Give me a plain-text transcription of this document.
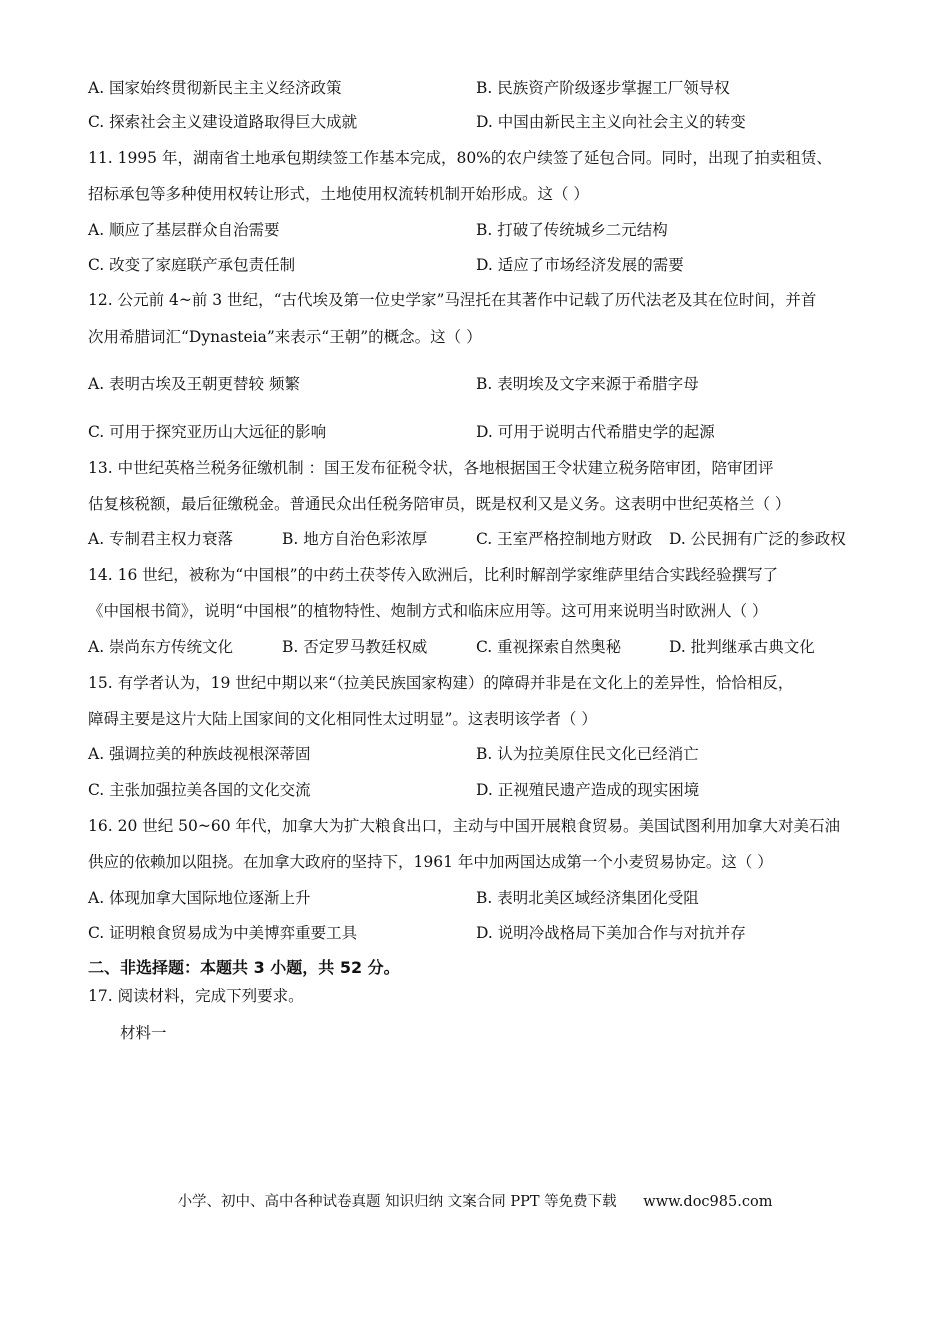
A. 国家始终贯彻新民主主义经济政策	B. 民族资产阶级逐步掌握工厂领导权
C. 探索社会主义建设道路取得巨大成就	D. 中国由新民主主义向社会主义的转变
11. 1995 年，湖南省土地承包期续签工作基本完成，80%的农户续签了延包合同。同时，出现了拍卖租赁、
招标承包等多种使用权转让形式，土地使用权流转机制开始形成。这（ ）
A. 顺应了基层群众自治需要	B. 打破了传统城乡二元结构
C. 改变了家庭联产承包责任制	D. 适应了市场经济发展的需要
12. 公元前 4~前 3 世纪，“古代埃及第一位史学家”马涅托在其著作中记载了历代法老及其在位时间，并首
次用希腊词汇“Dynasteia”来表示“王朝”的概念。这（ ）
A. 表明古埃及王朝更替较 频繁	B. 表明埃及文字来源于希腊字母
C. 可用于探究亚历山大远征的影响	D. 可用于说明古代希腊史学的起源
13. 中世纪英格兰税务征缴机制 ：国王发布征税令状，各地根据国王令状建立税务陪审团，陪审团评
估复核税额，最后征缴税金。普通民众出任税务陪审员，既是权利又是义务。这表明中世纪英格兰（ ）
A. 专制君主权力衰落	B. 地方自治色彩浓厚	C. 王室严格控制地方财政 D. 公民拥有广泛的参政权
14. 16 世纪，被称为“中国根”的中药土茯苓传入欧洲后，比利时解剖学家维萨里结合实践经验撰写了
《中国根书简》，说明“中国根”的植物特性、炮制方式和临床应用等。这可用来说明当时欧洲人（ ）
A. 崇尚东方传统文化	B. 否定罗马教廷权威	C. 重视探索自然奥秘	D. 批判继承古典文化
15. 有学者认为，19 世纪中期以来“（拉美民族国家构建）的障碍并非是在文化上的差异性，恰恰相反，
障碍主要是这片大陆上国家间的文化相同性太过明显”。这表明该学者（ ）
A. 强调拉美的种族歧视根深蒂固	B. 认为拉美原住民文化已经消亡
C. 主张加强拉美各国的文化交流	D. 正视殖民遗产造成的现实困境
16. 20 世纪 50~60 年代，加拿大为扩大粮食出口，主动与中国开展粮食贸易。美国试图利用加拿大对美石油
供应的依赖加以阻挠。在加拿大政府的坚持下，1961 年中加两国达成第一个小麦贸易协定。这（ ）
A. 体现加拿大国际地位逐渐上升	B. 表明北美区域经济集团化受阻
C. 证明粮食贸易成为中美博弈重要工具	D. 说明冷战格局下美加合作与对抗并存
二、非选择题：本题共 3 小题，共 52 分。
17. 阅读材料，完成下列要求。
材料一
小学、初中、高中各种试卷真题 知识归纳 文案合同 PPT 等免费下载 www.doc985.com
